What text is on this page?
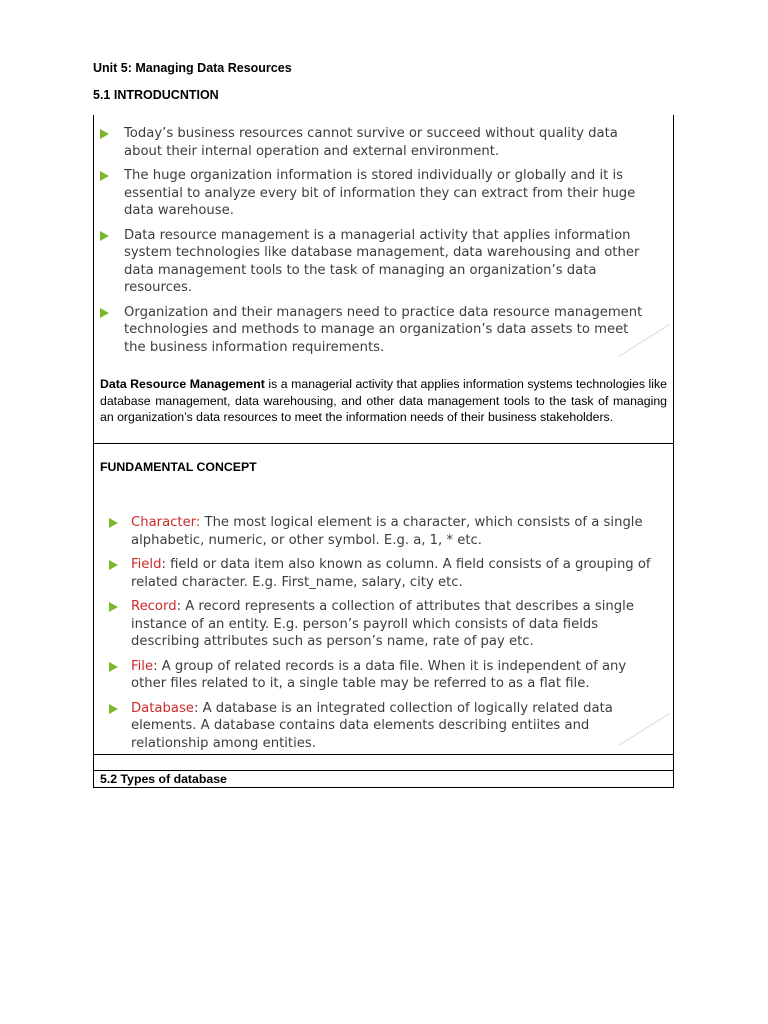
Unit 5: Managing Data Resources
5.1 INTRODUCNTION
Today’s business resources cannot survive or succeed without quality data about their internal operation and external environment.
The huge organization information is stored individually or globally and it is essential to analyze every bit of information they can extract from their huge data warehouse.
Data resource management is a managerial activity that applies information system technologies like database management, data warehousing and other data management tools to the task of managing an organization’s data resources.
Organization and their managers need to practice data resource management technologies and methods to manage an organization’s data assets to meet the business information requirements.
Data Resource Management is a managerial activity that applies information systems technologies like database management, data warehousing, and other data management tools to the task of managing an organization’s data resources to meet the information needs of their business stakeholders.
FUNDAMENTAL CONCEPT
Character: The most logical element is a character, which consists of a single alphabetic, numeric, or other symbol. E.g. a, 1, * etc.
Field: field or data item also known as column. A field consists of a grouping of related character. E.g. First_name, salary, city etc.
Record: A record represents a collection of attributes that describes a single instance of an entity. E.g. person’s payroll which consists of data fields describing attributes such as person’s name, rate of pay etc.
File: A group of related records is a data file. When it is independent of any other files related to it, a single table may be referred to as a flat file.
Database: A database is an integrated collection of logically related data elements. A database contains data elements describing entiites and relationship among entities.
5.2 Types of database
